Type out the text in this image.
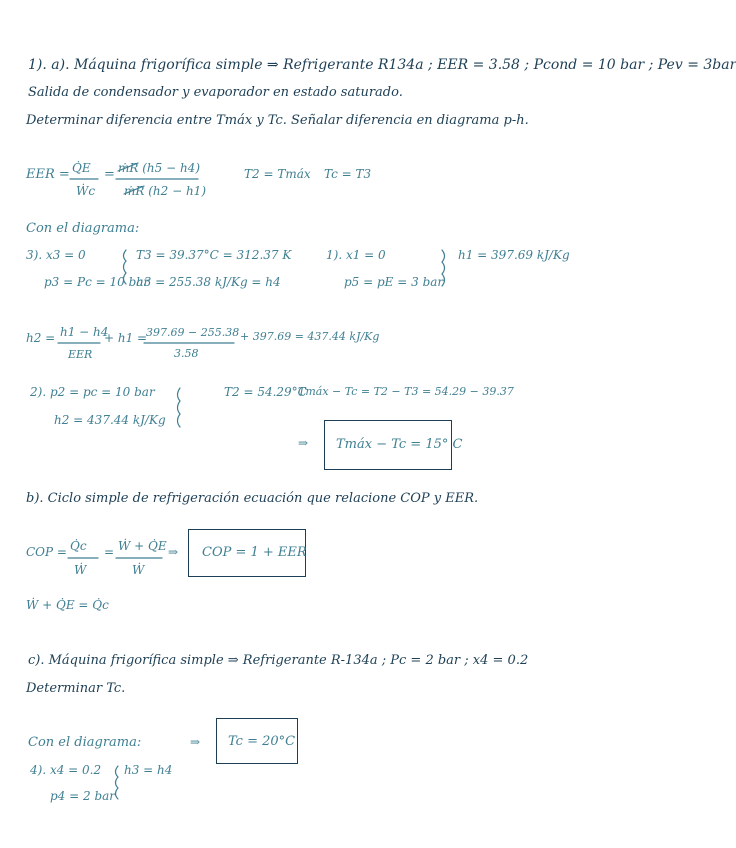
1). a). Máquina frigorífica simple ⇒ Refrigerante R134a ; EER = 3.58 ; Pcond = 10 bar ; Pev = 3bar
Salida de condensador y evaporador en estado saturado.
Determinar diferencia entre Tmáx y Tc. Señalar diferencia en diagrama p-h.
EER = Q̇E
Ẇc
= ṁR (h5 − h4)
ṁR (h2 − h1)
T2 = Tmáx Tc = T3
Con el diagrama:
3). x3 = 0
p3 = Pc = 10 bar
T3 = 39.37°C = 312.37 K
h3 = 255.38 kJ/Kg = h4
1). x1 = 0
p5 = pE = 3 bar
h1 = 397.69 kJ/Kg
h2 = h1 − h4
EER
+ h1 =
397.69 − 255.38
3.58
+ 397.69 = 437.44 kJ/Kg
2). p2 = pc = 10 bar
h2 = 437.44 kJ/Kg
T2 = 54.29°C
Tmáx − Tc = T2 − T3 = 54.29 − 39.37
⇒ Tmáx − Tc = 15° C
b). Ciclo simple de refrigeración ecuación que relacione COP y EER.
COP = Q̇c
Ẇ
= Ẇ + Q̇E
Ẇ
⇒ COP = 1 + EER
Ẇ + Q̇E = Q̇c
c). Máquina frigorífica simple ⇒ Refrigerante R-134a ; Pc = 2 bar ; x4 = 0.2
Determinar Tc.
Con el diagrama:	⇒ Tc = 20°C
4). x4 = 0.2
p4 = 2 bar
h3 = h4
